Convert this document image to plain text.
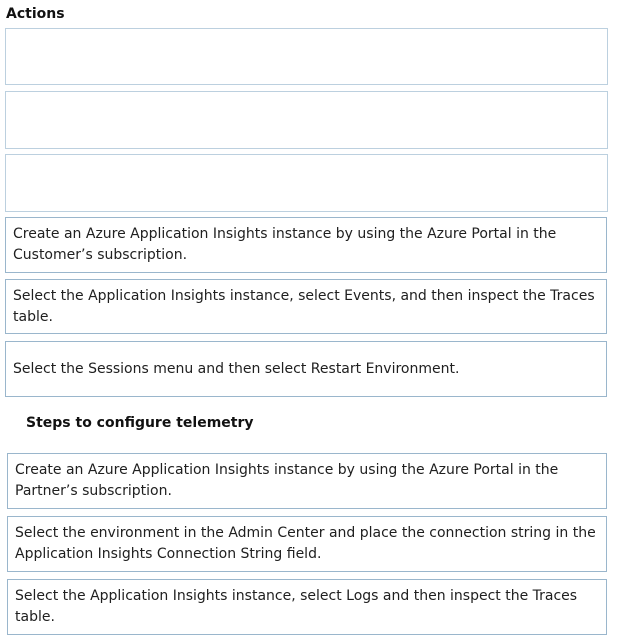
Actions
Create an Azure Application Insights instance by using the Azure Portal in the Customer’s subscription.
Select the Application Insights instance, select Events, and then inspect the Traces table.
Select the Sessions menu and then select Restart Environment.
Steps to configure telemetry
Create an Azure Application Insights instance by using the Azure Portal in the Partner’s subscription.
Select the environment in the Admin Center and place the connection string in the Application Insights Connection String field.
Select the Application Insights instance, select Logs and then inspect the Traces table.
